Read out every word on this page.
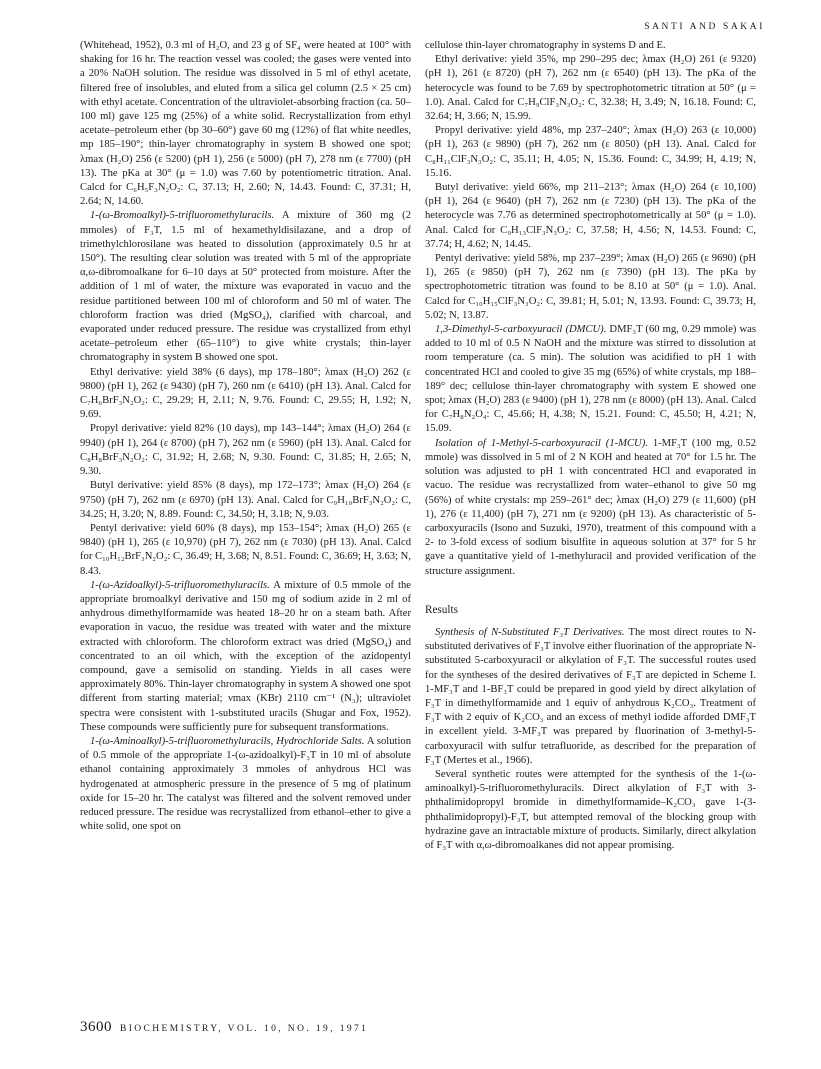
SANTI AND SAKAI

(Whitehead, 1952), 0.3 ml of H₂O, and 23 g of SF₄ were heated at 100° with shaking for 16 hr. The reaction vessel was cooled; the gases were vented into a 20% NaOH solution. The residue was dissolved in 5 ml of ethyl acetate, filtered free of insolubles, and eluted from a silica gel column (2.5 × 25 cm) with ethyl acetate. Concentration of the ultraviolet-absorbing fraction (ca. 50–100 ml) gave 125 mg (25%) of a white solid. Recrystallization from ethyl acetate–petroleum ether (bp 30–60°) gave 60 mg (12%) of flat white needles, mp 185–190°; thin-layer chromatography in system B showed one spot; λmax (H₂O) 256 (ε 5200) (pH 1), 256 (ε 5000) (pH 7), 278 nm (ε 7700) (pH 13). The pKa at 30° (μ = 1.0) was 7.60 by potentiometric titration. Anal. Calcd for C₆H₅F₃N₂O₂: C, 37.13; H, 2.60; N, 14.43. Found: C, 37.31; H, 2.64; N, 14.60.

1-(ω-Bromoalkyl)-5-trifluoromethyluracils. A mixture of 360 mg (2 mmoles) of F₃T, 1.5 ml of hexamethyldisilazane, and a drop of trimethylchlorosilane was heated to dissolution (approximately 0.5 hr at 150°). The resulting clear solution was treated with 5 ml of the appropriate α,ω-dibromoalkane for 6–10 days at 50° protected from moisture. After the addition of 1 ml of water, the mixture was evaporated in vacuo and the residue partitioned between 100 ml of chloroform and 50 ml of water. The chloroform fraction was dried (MgSO₄), clarified with charcoal, and evaporated under reduced pressure. The residue was crystallized from ethyl acetate–petroleum ether (65–110°) to give white crystals; thin-layer chromatography in system B showed one spot.

Ethyl derivative: yield 38% (6 days), mp 178–180°; λmax (H₂O) 262 (ε 9800) (pH 1), 262 (ε 9430) (pH 7), 260 nm (ε 6410) (pH 13). Anal. Calcd for C₇H₆BrF₃N₂O₂: C, 29.29; H, 2.11; N, 9.76. Found: C, 29.55; H, 1.92; N, 9.69.

Propyl derivative: yield 82% (10 days), mp 143–144°; λmax (H₂O) 264 (ε 9940) (pH 1), 264 (ε 8700) (pH 7), 262 nm (ε 5960) (pH 13). Anal. Calcd for C₈H₈BrF₃N₂O₂: C, 31.92; H, 2.68; N, 9.30. Found: C, 31.85; H, 2.65; N, 9.30.

Butyl derivative: yield 85% (8 days), mp 172–173°; λmax (H₂O) 264 (ε 9750) (pH 7), 262 nm (ε 6970) (pH 13). Anal. Calcd for C₉H₁₀BrF₃N₂O₂: C, 34.25; H, 3.20; N, 8.89. Found: C, 34.50; H, 3.18; N, 9.03.

Pentyl derivative: yield 60% (8 days), mp 153–154°; λmax (H₂O) 265 (ε 9840) (pH 1), 265 (ε 10,970) (pH 7), 262 nm (ε 7030) (pH 13). Anal. Calcd for C₁₀H₁₂BrF₃N₂O₂: C, 36.49; H, 3.68; N, 8.51. Found: C, 36.69; H, 3.63; N, 8.43.

1-(ω-Azidoalkyl)-5-trifluoromethyluracils. A mixture of 0.5 mmole of the appropriate bromoalkyl derivative and 150 mg of sodium azide in 2 ml of anhydrous dimethylformamide was heated 18–20 hr on a steam bath. After evaporation in vacuo, the residue was treated with water and the mixture extracted with chloroform. The chloroform extract was dried (MgSO₄) and concentrated to an oil which, with the exception of the azidopentyl compound, gave a semisolid on standing. Yields in all cases were approximately 80%. Thin-layer chromatography in system A showed one spot different from starting material; νmax (KBr) 2110 cm⁻¹ (N₃); ultraviolet spectra were consistent with 1-substituted uracils (Shugar and Fox, 1952). These compounds were sufficiently pure for subsequent transformations.

1-(ω-Aminoalkyl)-5-trifluoromethyluracils, Hydrochloride Salts. A solution of 0.5 mmole of the appropriate 1-(ω-azidoalkyl)-F₃T in 10 ml of absolute ethanol containing approximately 3 mmoles of anhydrous HCl was hydrogenated at atmospheric pressure in the presence of 5 mg of platinum oxide for 15–20 hr. The catalyst was filtered and the solvent removed under reduced pressure. The residue was recrystallized from ethanol–ether to give a white solid, one spot on

cellulose thin-layer chromatography in systems D and E.

Ethyl derivative: yield 35%, mp 290–295 dec; λmax (H₂O) 261 (ε 9320) (pH 1), 261 (ε 8720) (pH 7), 262 nm (ε 6540) (pH 13). The pKa of the heterocycle was found to be 7.69 by spectrophotometric titration at 50° (μ = 1.0). Anal. Calcd for C₇H₉ClF₃N₃O₂: C, 32.38; H, 3.49; N, 16.18. Found: C, 32.64; H, 3.66; N, 15.99.

Propyl derivative: yield 48%, mp 237–240°; λmax (H₂O) 263 (ε 10,000) (pH 1), 263 (ε 9890) (pH 7), 262 nm (ε 8050) (pH 13). Anal. Calcd for C₈H₁₁ClF₃N₃O₂: C, 35.11; H, 4.05; N, 15.36. Found: C, 34.99; H, 4.19; N, 15.16.

Butyl derivative: yield 66%, mp 211–213°; λmax (H₂O) 264 (ε 10,100) (pH 1), 264 (ε 9640) (pH 7), 262 nm (ε 7230) (pH 13). The pKa of the heterocycle was 7.76 as determined spectrophotometrically at 50° (μ = 1.0). Anal. Calcd for C₉H₁₃ClF₃N₃O₂: C, 37.58; H, 4.56; N, 14.53. Found: C, 37.74; H, 4.62; N, 14.45.

Pentyl derivative: yield 58%, mp 237–239°; λmax (H₂O) 265 (ε 9690) (pH 1), 265 (ε 9850) (pH 7), 262 nm (ε 7390) (pH 13). The pKa by spectrophotometric titration was found to be 8.10 at 50° (μ = 1.0). Anal. Calcd for C₁₀H₁₅ClF₃N₃O₂: C, 39.81; H, 5.01; N, 13.93. Found: C, 39.73; H, 5.02; N, 13.87.

1,3-Dimethyl-5-carboxyuracil (DMCU). DMF₃T (60 mg, 0.29 mmole) was added to 10 ml of 0.5 N NaOH and the mixture was stirred to dissolution at room temperature (ca. 5 min). The solution was acidified to pH 1 with concentrated HCl and cooled to give 35 mg (65%) of white crystals, mp 188–189° dec; cellulose thin-layer chromatography with system E showed one spot; λmax (H₂O) 283 (ε 9400) (pH 1), 278 nm (ε 8000) (pH 13). Anal. Calcd for C₇H₈N₂O₄: C, 45.66; H, 4.38; N, 15.21. Found: C, 45.50; H, 4.21; N, 15.09.

Isolation of 1-Methyl-5-carboxyuracil (1-MCU). 1-MF₃T (100 mg, 0.52 mmole) was dissolved in 5 ml of 2 N KOH and heated at 70° for 1.5 hr. The solution was adjusted to pH 1 with concentrated HCl and evaporated in vacuo. The residue was recrystallized from water–ethanol to give 50 mg (56%) of white crystals: mp 259–261° dec; λmax (H₂O) 279 (ε 11,600) (pH 1), 276 (ε 11,400) (pH 7), 271 nm (ε 9200) (pH 13). As characteristic of 5-carboxyuracils (Isono and Suzuki, 1970), treatment of this compound with a 2- to 3-fold excess of sodium bisulfite in aqueous solution at 37° for 5 hr gave a quantitative yield of 1-methyluracil and provided verification of the structure assignment.

Results

Synthesis of N-Substituted F₃T Derivatives. The most direct routes to N-substituted derivatives of F₃T involve either fluorination of the appropriate N-substituted 5-carboxyuracil or alkylation of F₃T. The successful routes used for the syntheses of the desired derivatives of F₃T are depicted in Scheme I. 1-MF₃T and 1-BF₃T could be prepared in good yield by direct alkylation of F₃T in dimethylformamide and 1 equiv of anhydrous K₂CO₃. Treatment of F₃T with 2 equiv of K₂CO₃ and an excess of methyl iodide afforded DMF₃T in excellent yield. 3-MF₃T was prepared by fluorination of 3-methyl-5-carboxyuracil with sulfur tetrafluoride, as described for the preparation of F₃T (Mertes et al., 1966).

Several synthetic routes were attempted for the synthesis of the 1-(ω-aminoalkyl)-5-trifluoromethyluracils. Direct alkylation of F₃T with 3-phthalimidopropyl bromide in dimethylformamide–K₂CO₃ gave 1-(3-phthalimidopropyl)-F₃T, but attempted removal of the blocking group with hydrazine gave an intractable mixture of products. Similarly, direct alkylation of F₃T with α,ω-dibromoalkanes did not appear promising.

3600 BIOCHEMISTRY, VOL. 10, NO. 19, 1971
